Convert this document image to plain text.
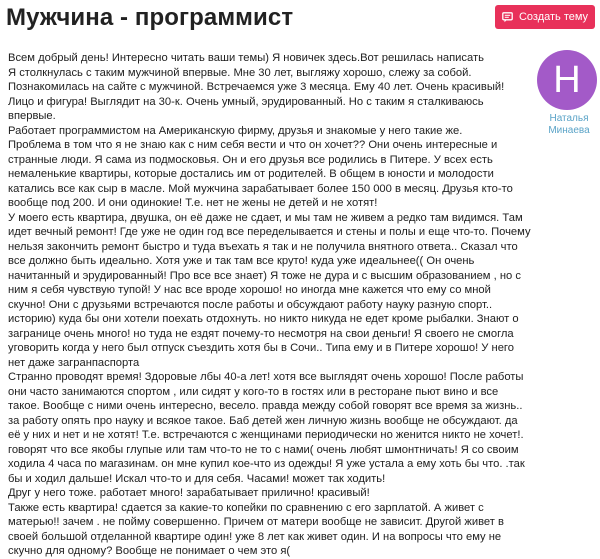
Мужчина - программист	Создать тему
Н
Наталья Минаева
Всем добрый день! Интересно читать ваши темы) Я новичек здесь.Вот решилась написать
Я столкнулась с таким мужчиной впервые. Мне 30 лет, выгляжу хорошо, слежу за собой.
Познакомилась на сайте с мужчиной. Встречаемся уже 3 месяца. Ему 40 лет. Очень красивый! Лицо и фигура! Выглядит на 30-к. Очень умный, эрудированный. Но с таким я сталкиваюсь впервые.
Работает программистом на Американскую фирму, друзья и знакомые у него такие же.
Проблема в том что я не знаю как с ним себя вести и что он хочет?? Они очень интересные и странные люди. Я сама из подмосковья. Он и его друзья все родились в Питере. У всех есть немаленькие квартиры, которые достались им от родителей. В общем в юности и молодости катались все как сыр в масле. Мой мужчина зарабатывает более 150 000 в месяц. Друзья кто-то вообще под 200. И они одинокие! Т.е. нет не жены не детей и не хотят!
У моего есть квартира, двушка, он её даже не сдает, и мы там не живем а редко там видимся. Там идет вечный ремонт! Где уже не один год все переделывается и стены и полы и еще что-то. Почему нельзя закончить ремонт быстро и туда въехать я так и не получила внятного ответа.. Сказал что все должно быть идеально. Хотя уже и так там все круто! куда уже идеальнее(( Он очень начитанный и эрудированный! Про все все знает) Я тоже не дура и с высшим образованием , но с ним я себя чувствую тупой! У нас все вроде хорошо! но иногда мне кажется что ему со мной скучно! Они с друзьями встречаются после работы и обсуждают работу науку разную спорт.. историю) куда бы они хотели поехать отдохнуть. но никто никуда не едет кроме рыбалки. Знают о загранице очень много! но туда не ездят почему-то несмотря на свои деньги! Я своего не смогла уговорить когда у него был отпуск съездить хотя бы в Сочи.. Типа ему и в Питере хорошо! У него нет даже загранпаспорта
Странно проводят время! Здоровые лбы 40-а лет! хотя все выглядят очень хорошо! После работы они часто занимаются спортом , или сидят у кого-то в гостях или в ресторане пьют вино и все такое. Вообще с ними очень интересно, весело. правда между собой говорят все время за жизнь.. за работу опять про науку и всякое такое. Баб детей жен личную жизнь вообще не обсуждают. да её у них и нет и не хотят! Т.е. встречаются с женщинами периодически но женится никто не хочет!. говорят что все якобы глупые или там что-то не то с нами( очень любят шмонтничать! Я со своим ходила 4 часа по магазинам. он мне купил кое-что из одежды! Я уже устала а ему хоть бы что. .так бы и ходил дальше! Искал что-то и для себя. Часами! может так ходить!
Друг у него тоже. работает много! зарабатывает прилично! красивый!
Также есть квартира! сдается за какие-то копейки по сравнению с его зарплатой. А живет с матерью!! зачем . не пойму совершенно. Причем от матери вообще не зависит. Другой живет в своей большой отделанной квартире один! уже 8 лет как живет один. И на вопросы что ему не скучно для одному? Вообще не понимает о чем это я(
